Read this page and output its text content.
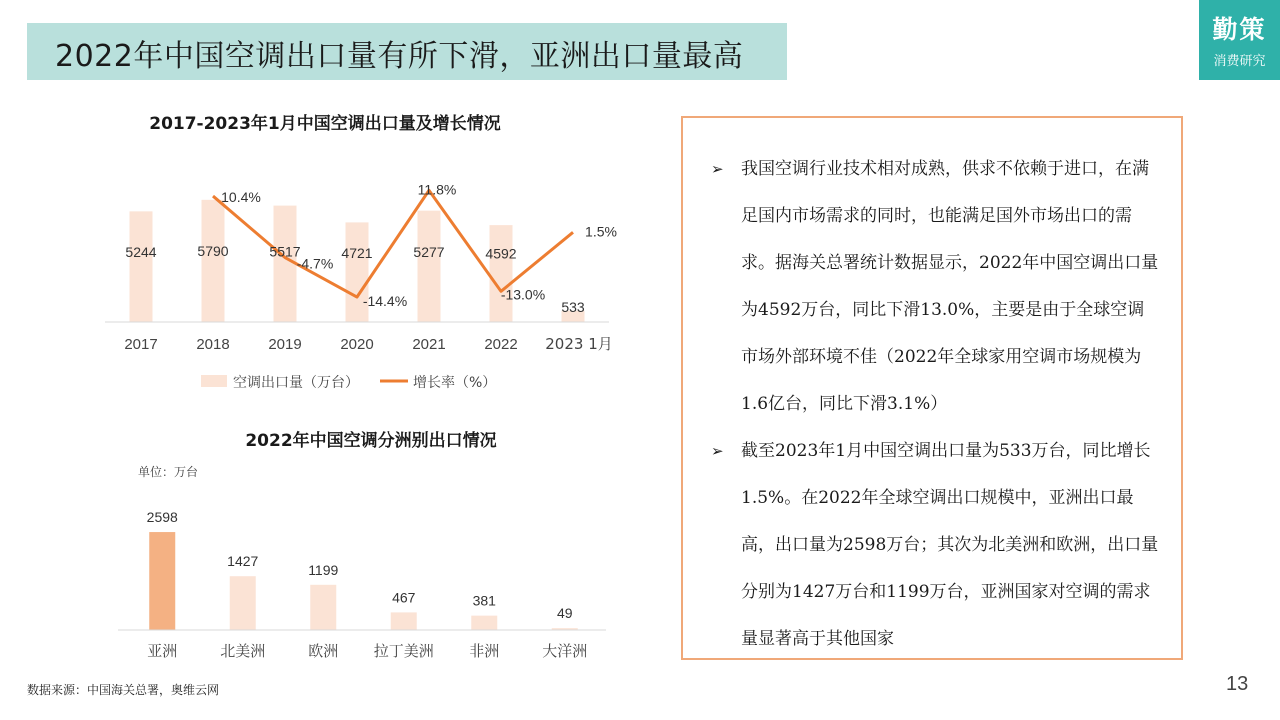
2022年中国空调出口量有所下滑，亚洲出口量最高
勤策
消费研究
2017-2023年1月中国空调出口量及增长情况
10.4%
-4.7%
-14.4%
11.8%
-13.0%
1.5%
5244	5790	5517	4721	5277	4592
533
2017	2018	2019	2020	2021	2022 2023 1月
空调出口量（万台）	增长率（%）
2022年中国空调分洲别出口情况
单位：万台
2598
1427
1199
467	381
49
亚洲	北美洲	欧洲 拉丁美洲 非洲	大洋洲
➢ 我国空调行业技术相对成熟，供求不依赖于进口，在满足国内市场需求的同时，也能满足国外市场出口的需求。据海关总署统计数据显示，2022年中国空调出口量为4592万台，同比下滑13.0%，主要是由于全球空调市场外部环境不佳（2022年全球家用空调市场规模为1.6亿台，同比下滑3.1%）
➢ 截至2023年1月中国空调出口量为533万台，同比增长1.5%。在2022年全球空调出口规模中，亚洲出口最高，出口量为2598万台；其次为北美洲和欧洲，出口量分别为1427万台和1199万台，亚洲国家对空调的需求量显著高于其他国家
数据来源：中国海关总署，奥维云网	13
